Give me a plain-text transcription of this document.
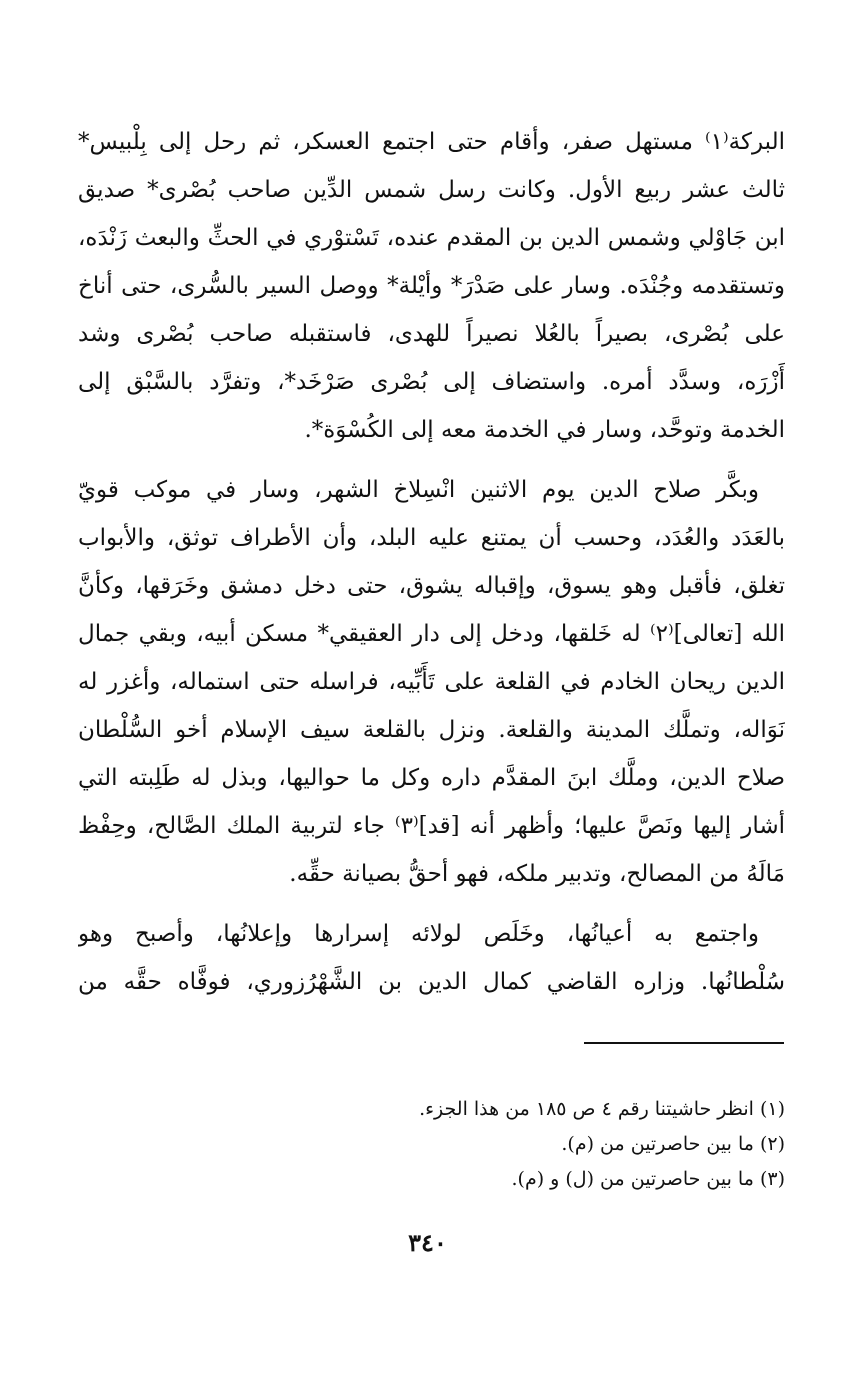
البركة⁽١⁾ مستهل صفر، وأقام حتى اجتمع العسكر، ثم رحل إلى بِلْبيس*
ثالث عشر ربيع الأول. وكانت رسل شمس الدِّين صاحب بُصْرى* صديق
ابن جَاوْلي وشمس الدين بن المقدم عنده، تَسْتوْري في الحثِّ والبعث زَنْدَه،
وتستقدمه وجُنْدَه. وسار على صَدْرَ* وأيْلة* ووصل السير بالسُّرى، حتى أناخ
على بُصْرى، بصيراً بالعُلا نصيراً للهدى، فاستقبله صاحب بُصْرى وشد
أَزْرَه، وسدَّد أمره. واستضاف إلى بُصْرى صَرْخَد*، وتفرَّد بالسَّبْق إلى
الخدمة وتوحَّد، وسار في الخدمة معه إلى الكُسْوَة*.
وبكَّر صلاح الدين يوم الاثنين انْسِلاخ الشهر، وسار في موكب قويّ
بالعَدَد والعُدَد، وحسب أن يمتنع عليه البلد، وأن الأطراف توثق، والأبواب
تغلق، فأقبل وهو يسوق، وإقباله يشوق، حتى دخل دمشق وخَرَقها، وكأنَّ
الله [تعالى]⁽٢⁾ له خَلقها، ودخل إلى دار العقيقي* مسكن أبيه، وبقي جمال
الدين ريحان الخادم في القلعة على تَأَبِّيه، فراسله حتى استماله، وأغزر له
نَوَاله، وتملَّك المدينة والقلعة. ونزل بالقلعة سيف الإسلام أخو السُّلْطان
صلاح الدين، وملَّك ابنَ المقدَّم داره وكل ما حواليها، وبذل له طَلِبته التي
أشار إليها ونَصَّ عليها؛ وأظهر أنه [قد]⁽٣⁾ جاء لتربية الملك الصَّالح، وحِفْظ
مَالَهُ من المصالح، وتدبير ملكه، فهو أحقُّ بصيانة حقِّه.
واجتمع به أعيانُها، وخَلَص لولائه إسرارها وإعلانُها، وأصبح وهو
سُلْطانُها. وزاره القاضي كمال الدين بن الشَّهْرُزوري، فوفَّاه حقَّه من
(١) انظر حاشيتنا رقم ٤ ص ١٨٥ من هذا الجزء.
(٢) ما بين حاصرتين من (م).
(٣) ما بين حاصرتين من (ل) و (م).
٣٤٠
